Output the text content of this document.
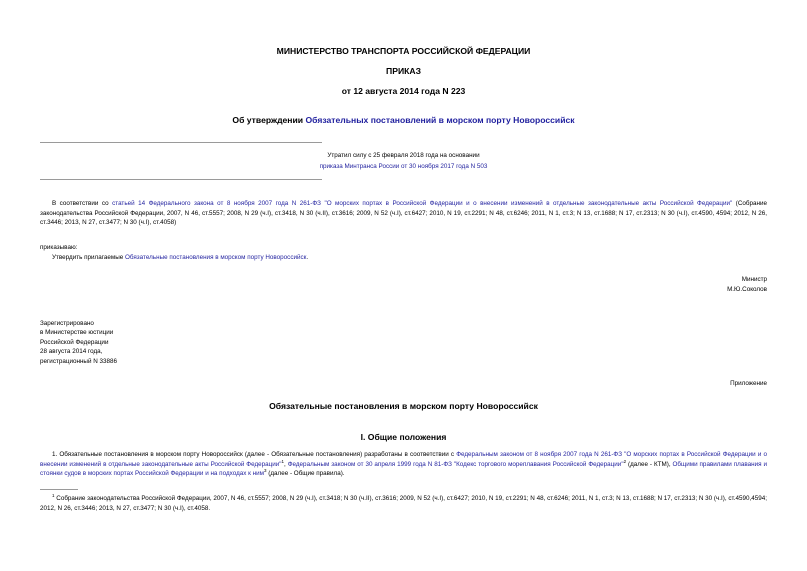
МИНИСТЕРСТВО ТРАНСПОРТА РОССИЙСКОЙ ФЕДЕРАЦИИ
ПРИКАЗ
от 12 августа 2014 года N 223
Об утверждении Обязательных постановлений в морском порту Новороссийск
Утратил силу с 25 февраля 2018 года на основании
приказа Минтранса России от 30 ноября 2017 года N 503
В соответствии со статьей 14 Федерального закона от 8 ноября 2007 года N 261-ФЗ "О морских портах в Российской Федерации и о внесении изменений в отдельные законодательные акты Российской Федерации" (Собрание законодательства Российской Федерации, 2007, N 46, ст.5557; 2008, N 29 (ч.I), ст.3418, N 30 (ч.II), ст.3616; 2009, N 52 (ч.I), ст.6427; 2010, N 19, ст.2291; N 48, ст.6246; 2011, N 1, ст.3; N 13, ст.1688; N 17, ст.2313; N 30 (ч.I), ст.4590, 4594; 2012, N 26, ст.3446; 2013, N 27, ст.3477; N 30 (ч.I), ст.4058)
приказываю:
Утвердить прилагаемые Обязательные постановления в морском порту Новороссийск.
Министр
М.Ю.Соколов
Зарегистрировано
в Министерстве юстиции
Российской Федерации
28 августа 2014 года,
регистрационный N 33886
Приложение
Обязательные постановления в морском порту Новороссийск
I. Общие положения
1. Обязательные постановления в морском порту Новороссийск (далее - Обязательные постановления) разработаны в соответствии с Федеральным законом от 8 ноября 2007 года N 261-ФЗ "О морских портах в Российской Федерации и о внесении изменений в отдельные законодательные акты Российской Федерации"$^1$, Федеральным законом от 30 апреля 1999 года N 81-ФЗ "Кодекс торгового мореплавания Российской Федерации"$^2$ (далее - КТМ), Общими правилами плавания и стоянки судов в морских портах Российской Федерации и на подходах к ним$^3$ (далее - Общие правила).
$^1$ Собрание законодательства Российской Федерации, 2007, N 46, ст.5557; 2008, N 29 (ч.I), ст.3418; N 30 (ч.II), ст.3616; 2009, N 52 (ч.I), ст.6427; 2010, N 19, ст.2291; N 48, ст.6246; 2011, N 1, ст.3; N 13, ст.1688; N 17, ст.2313; N 30 (ч.I), ст.4590,4594; 2012, N 26, ст.3446; 2013, N 27, ст.3477; N 30 (ч.I), ст.4058.
